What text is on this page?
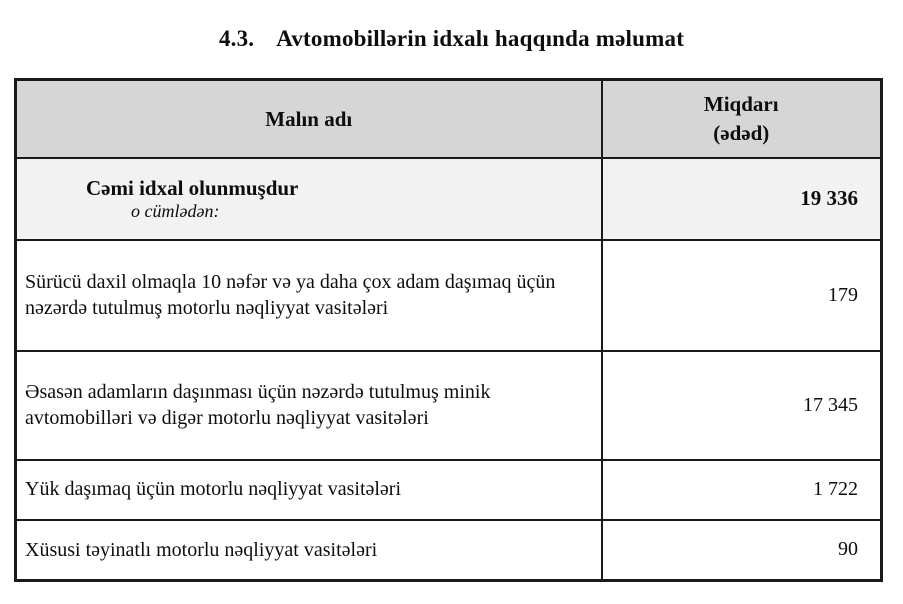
4.3. Avtomobillərin idxalı haqqında məlumat
Malın adı	Miqdarı
(ədəd)

Cəmi idxal olunmuşdur
o cümlədən:	19 336
Sürücü daxil olmaqla 10 nəfər və ya daha çox adam daşımaq üçün nəzərdə tutulmuş motorlu nəqliyyat vasitələri	179
Əsasən adamların daşınması üçün nəzərdə tutulmuş minik avtomobilləri və digər motorlu nəqliyyat vasitələri	17 345
Yük daşımaq üçün motorlu nəqliyyat vasitələri	1 722
Xüsusi təyinatlı motorlu nəqliyyat vasitələri	90
